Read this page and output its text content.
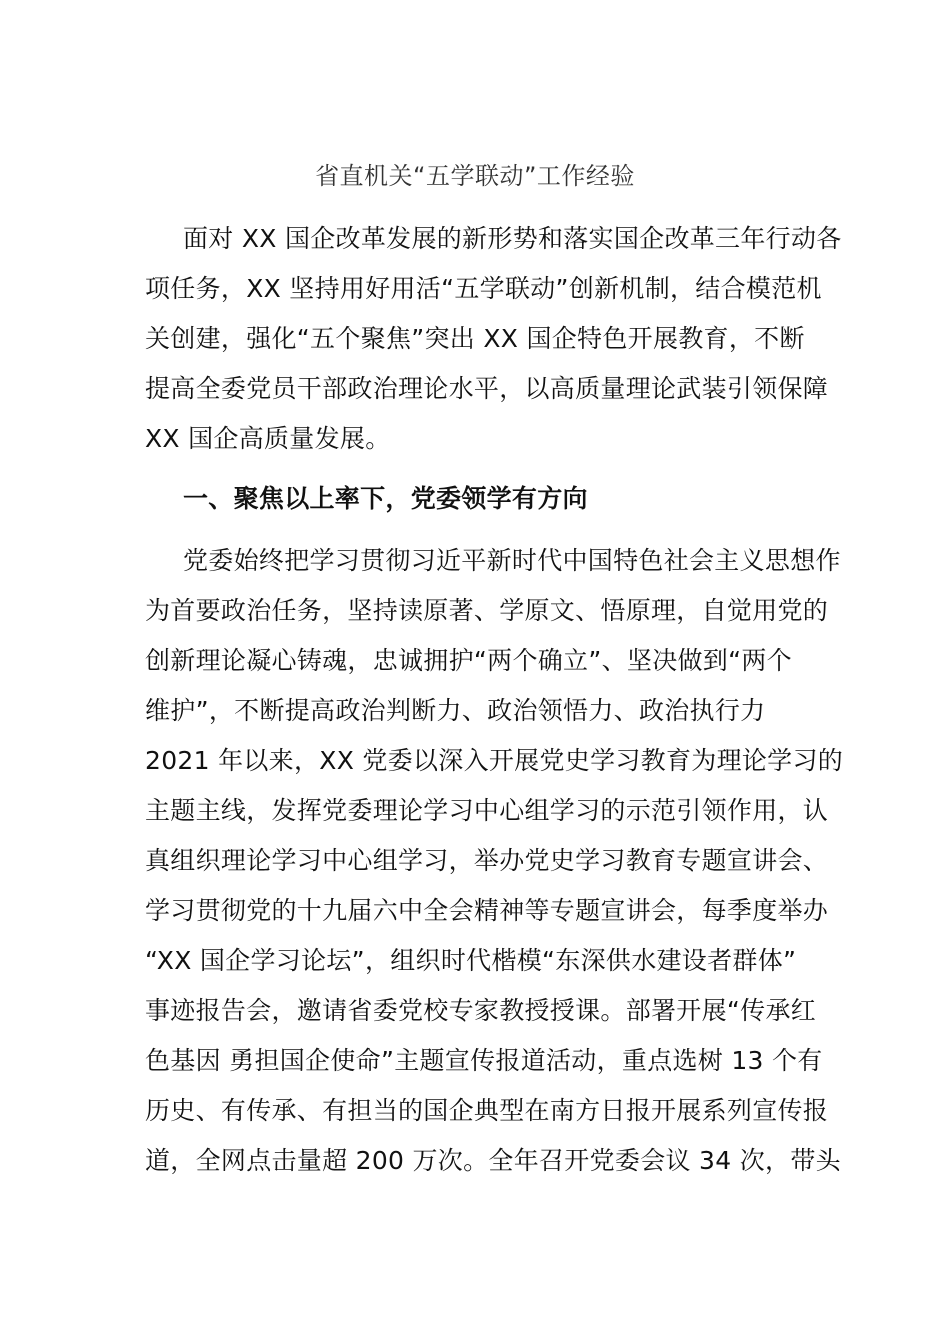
省直机关“五学联动”工作经验
面对 XX 国企改革发展的新形势和落实国企改革三年行动各
项任务，XX 坚持用好用活“五学联动”创新机制，结合模范机
关创建，强化“五个聚焦”突出 XX 国企特色开展教育，不断
提高全委党员干部政治理论水平，以高质量理论武装引领保障
XX 国企高质量发展。
一、聚焦以上率下，党委领学有方向
党委始终把学习贯彻习近平新时代中国特色社会主义思想作
为首要政治任务，坚持读原著、学原文、悟原理，自觉用党的
创新理论凝心铸魂，忠诚拥护“两个确立”、坚决做到“两个
维护”，不断提高政治判断力、政治领悟力、政治执行力
2021 年以来，XX 党委以深入开展党史学习教育为理论学习的
主题主线，发挥党委理论学习中心组学习的示范引领作用，认
真组织理论学习中心组学习，举办党史学习教育专题宣讲会、
学习贯彻党的十九届六中全会精神等专题宣讲会，每季度举办
“XX 国企学习论坛”，组织时代楷模“东深供水建设者群体”
事迹报告会，邀请省委党校专家教授授课。部署开展“传承红
色基因 勇担国企使命”主题宣传报道活动，重点选树 13 个有
历史、有传承、有担当的国企典型在南方日报开展系列宣传报
道，全网点击量超 200 万次。全年召开党委会议 34 次，带头
